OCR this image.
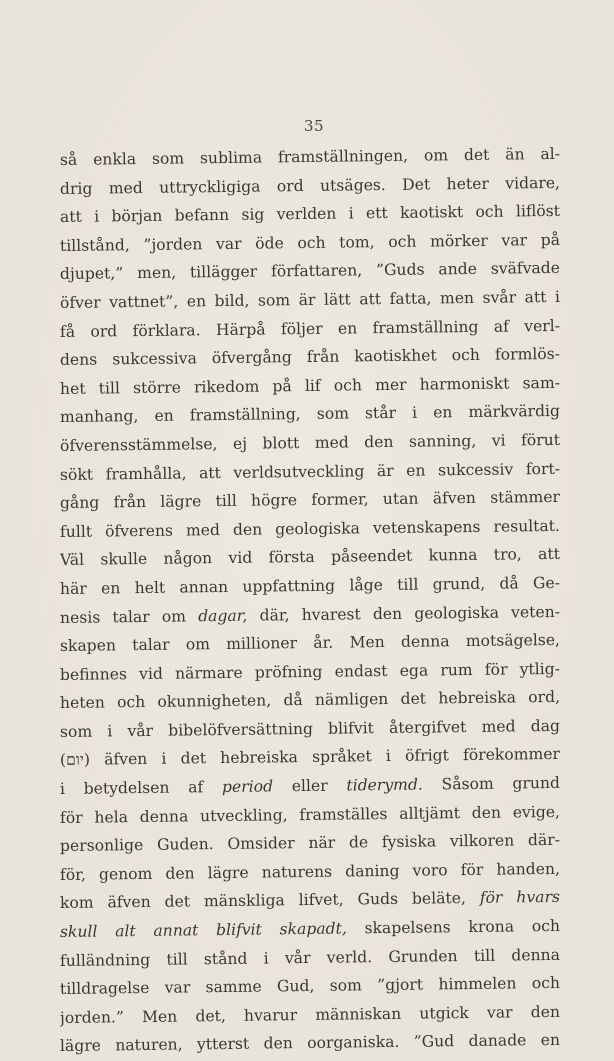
35
så enkla som sublima framställningen, om det än al-
drig med uttryckligiga ord utsäges. Det heter vidare,
att i början befann sig verlden i ett kaotiskt och liflöst
tillstånd, ”jorden var öde och tom, och mörker var på
djupet,” men, tillägger författaren, ”Guds ande sväfvade
öfver vattnet”, en bild, som är lätt att fatta, men svår att i
få ord förklara. Härpå följer en framställning af verl-
dens sukcessiva öfvergång från kaotiskhet och formlös-
het till större rikedom på lif och mer harmoniskt sam-
manhang, en framställning, som står i en märkvärdig
öfverensstämmelse, ej blott med den sanning, vi förut
sökt framhålla, att verldsutveckling är en sukcessiv fort-
gång från lägre till högre former, utan äfven stämmer
fullt öfverens med den geologiska vetenskapens resultat.
Väl skulle någon vid första påseendet kunna tro, att
här en helt annan uppfattning låge till grund, då Ge-
nesis talar om dagar, där, hvarest den geologiska veten-
skapen talar om millioner år. Men denna motsägelse,
befinnes vid närmare pröfning endast ega rum för ytlig-
heten och okunnigheten, då nämligen det hebreiska ord,
som i vår bibelöfversättning blifvit återgifvet med dag
(יום) äfven i det hebreiska språket i öfrigt förekommer
i betydelsen af period eller tiderymd. Såsom grund
för hela denna utveckling, framställes alltjämt den evige,
personlige Guden. Omsider när de fysiska vilkoren där-
för, genom den lägre naturens daning voro för handen,
kom äfven det mänskliga lifvet, Guds beläte, för hvars
skull alt annat blifvit skapadt, skapelsens krona och
fulländning till stånd i vår verld. Grunden till denna
tilldragelse var samme Gud, som ”gjort himmelen och
jorden.” Men det, hvarur människan utgick var den
lägre naturen, ytterst den oorganiska. ”Gud danade en
